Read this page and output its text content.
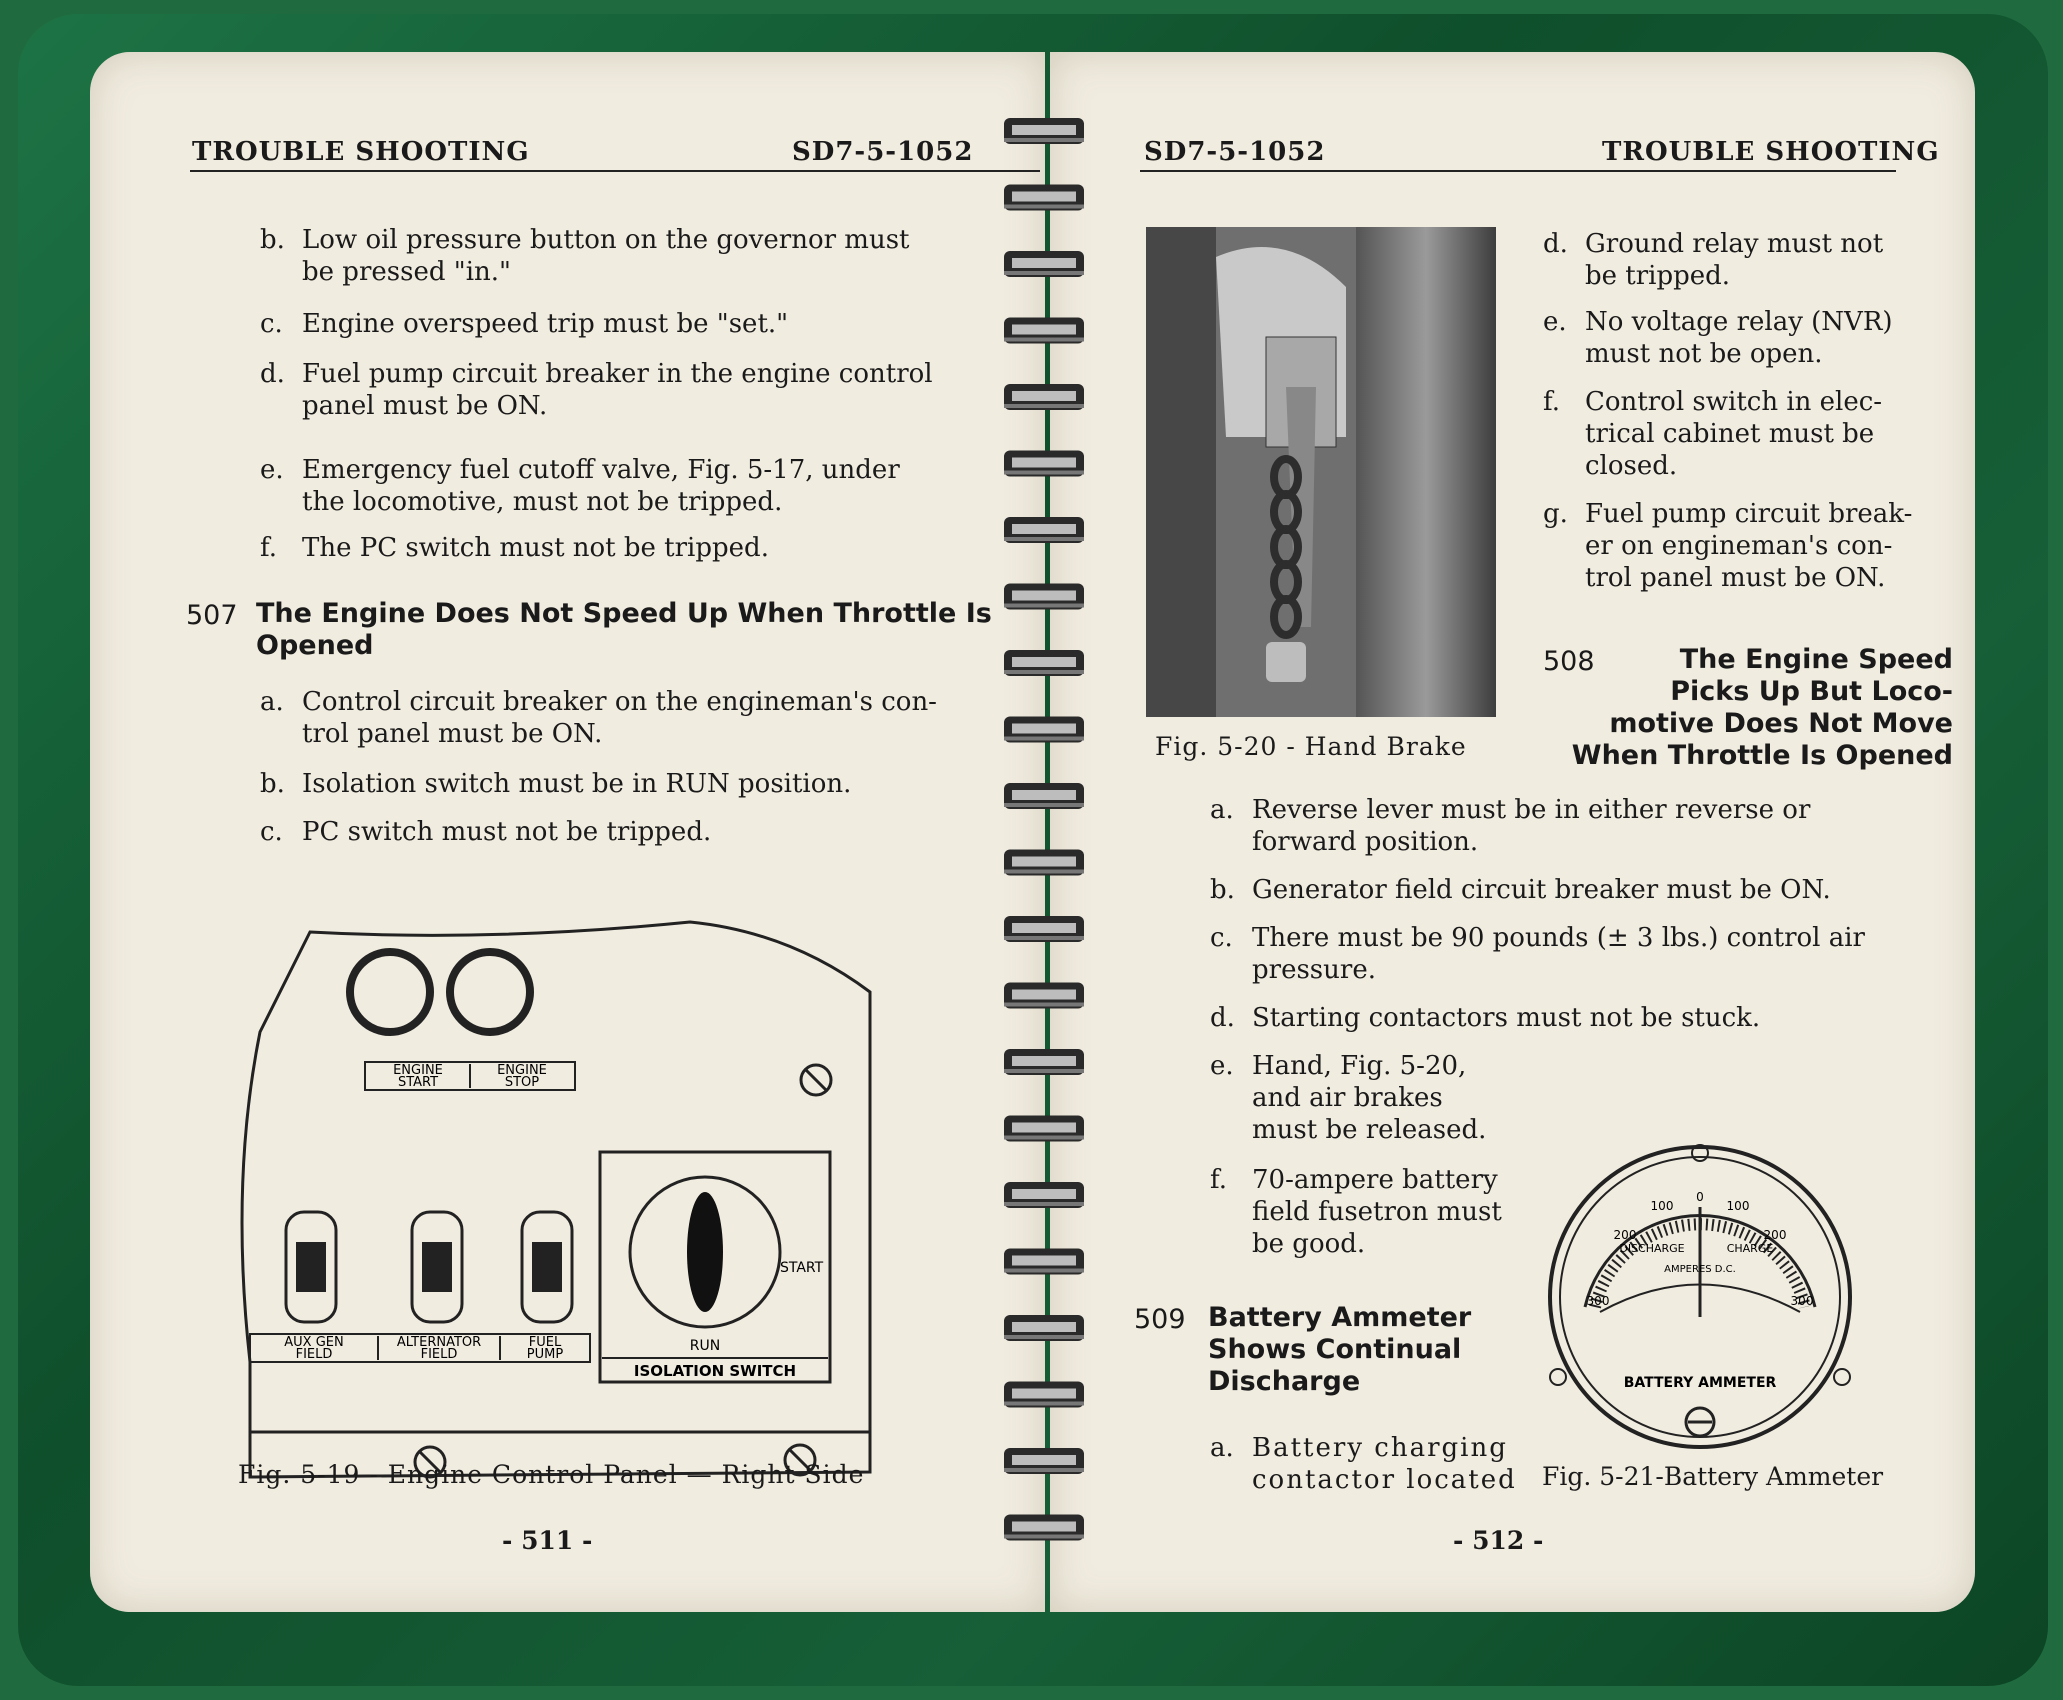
TROUBLE SHOOTING	SD7-5-1052
b. Low oil pressure button on the governor must
be pressed "in."
c. Engine overspeed trip must be "set."
d. Fuel pump circuit breaker in the engine control
panel must be ON.
e. Emergency fuel cutoff valve, Fig. 5-17, under
the locomotive, must not be tripped.
f. The PC switch must not be tripped.
507 The Engine Does Not Speed Up When Throttle Is
Opened
a. Control circuit breaker on the engineman's con-
trol panel must be ON.
b. Isolation switch must be in RUN position.
c. PC switch must not be tripped.
ENGINE
START
ENGINE
STOP
AUX GEN
FIELD
ALTERNATOR
FIELD
FUEL
PUMP
START
RUN
ISOLATION SWITCH
Fig. 5-19 - Engine Control Panel — Right Side
- 511 -
SD7-5-1052	TROUBLE SHOOTING
Fig. 5-20 - Hand Brake
d. Ground relay must not
be tripped.
e. No voltage relay (NVR)
must not be open.
f. Control switch in elec-
trical cabinet must be
closed.
g. Fuel pump circuit break-
er on engineman's con-
trol panel must be ON.
508	The Engine Speed
Picks Up But Loco-
motive Does Not Move
When Throttle Is Opened
a. Reverse lever must be in either reverse or
forward position.
b. Generator field circuit breaker must be ON.
c. There must be 90 pounds (± 3 lbs.) control air
pressure.
d. Starting contactors must not be stuck.
e. Hand, Fig. 5-20,
and air brakes
must be released.
f. 70-ampere battery
field fusetron must
be good.
509 Battery Ammeter
Shows Continual
Discharge
a. Battery charging
contactor located
300
200
100
0
100
200
300
DISCHARGE	CHARGE
AMPERES D.C.
BATTERY AMMETER
Fig. 5-21-Battery Ammeter
- 512 -
